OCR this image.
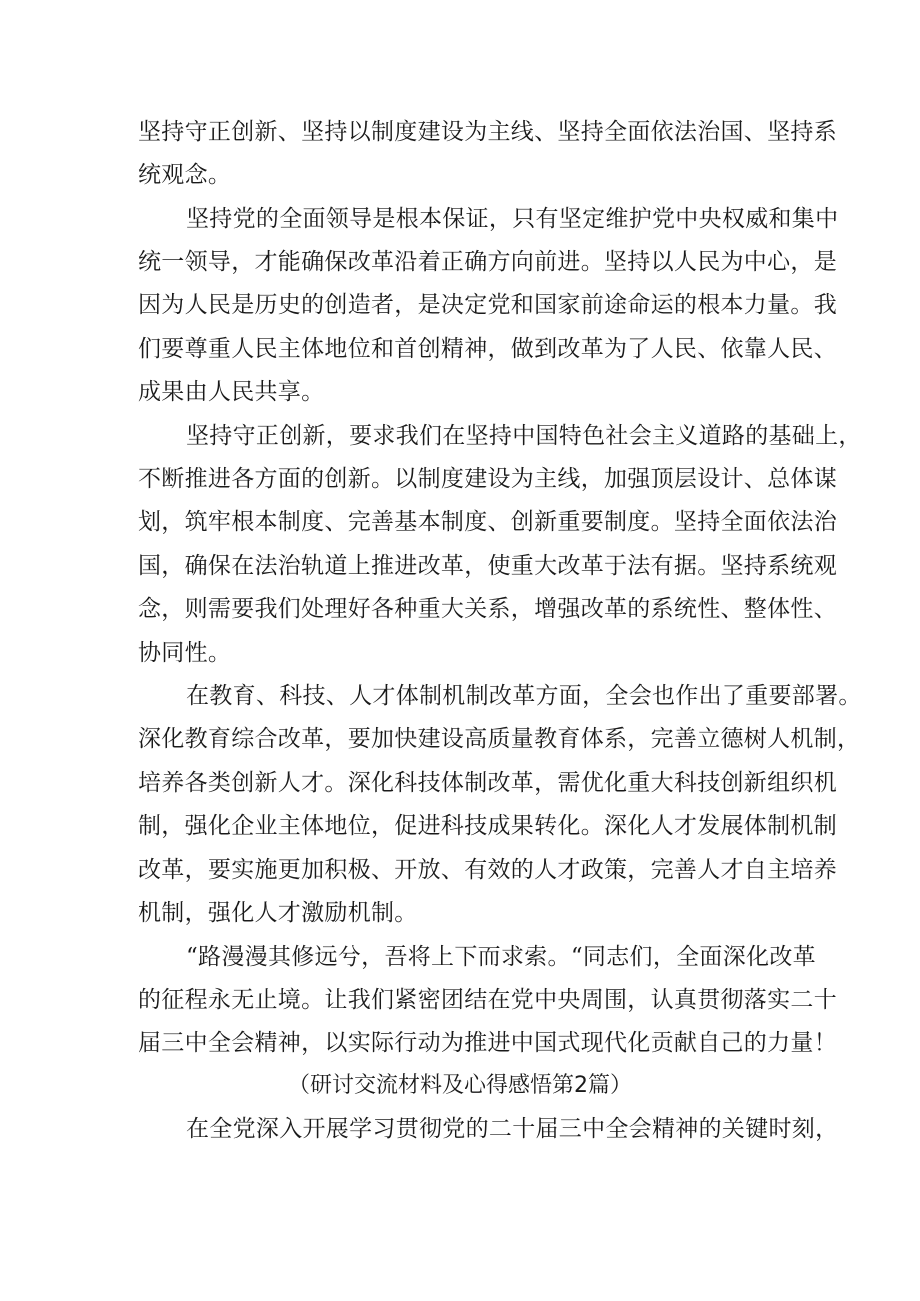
坚持守正创新、坚持以制度建设为主线、坚持全面依法治国、坚持系
统观念。
坚持党的全面领导是根本保证，只有坚定维护党中央权威和集中
统一领导，才能确保改革沿着正确方向前进。坚持以人民为中心，是
因为人民是历史的创造者，是决定党和国家前途命运的根本力量。我
们要尊重人民主体地位和首创精神，做到改革为了人民、依靠人民、
成果由人民共享。
坚持守正创新，要求我们在坚持中国特色社会主义道路的基础上，
不断推进各方面的创新。以制度建设为主线，加强顶层设计、总体谋
划，筑牢根本制度、完善基本制度、创新重要制度。坚持全面依法治
国，确保在法治轨道上推进改革，使重大改革于法有据。坚持系统观
念，则需要我们处理好各种重大关系，增强改革的系统性、整体性、
协同性。
在教育、科技、人才体制机制改革方面，全会也作出了重要部署。
深化教育综合改革，要加快建设高质量教育体系，完善立德树人机制，
培养各类创新人才。深化科技体制改革，需优化重大科技创新组织机
制，强化企业主体地位，促进科技成果转化。深化人才发展体制机制
改革，要实施更加积极、开放、有效的人才政策，完善人才自主培养
机制，强化人才激励机制。
“路漫漫其修远兮，吾将上下而求索。“同志们，全面深化改革
的征程永无止境。让我们紧密团结在党中央周围，认真贯彻落实二十
届三中全会精神，以实际行动为推进中国式现代化贡献自己的力量！
（研讨交流材料及心得感悟第2篇）
在全党深入开展学习贯彻党的二十届三中全会精神的关键时刻，
